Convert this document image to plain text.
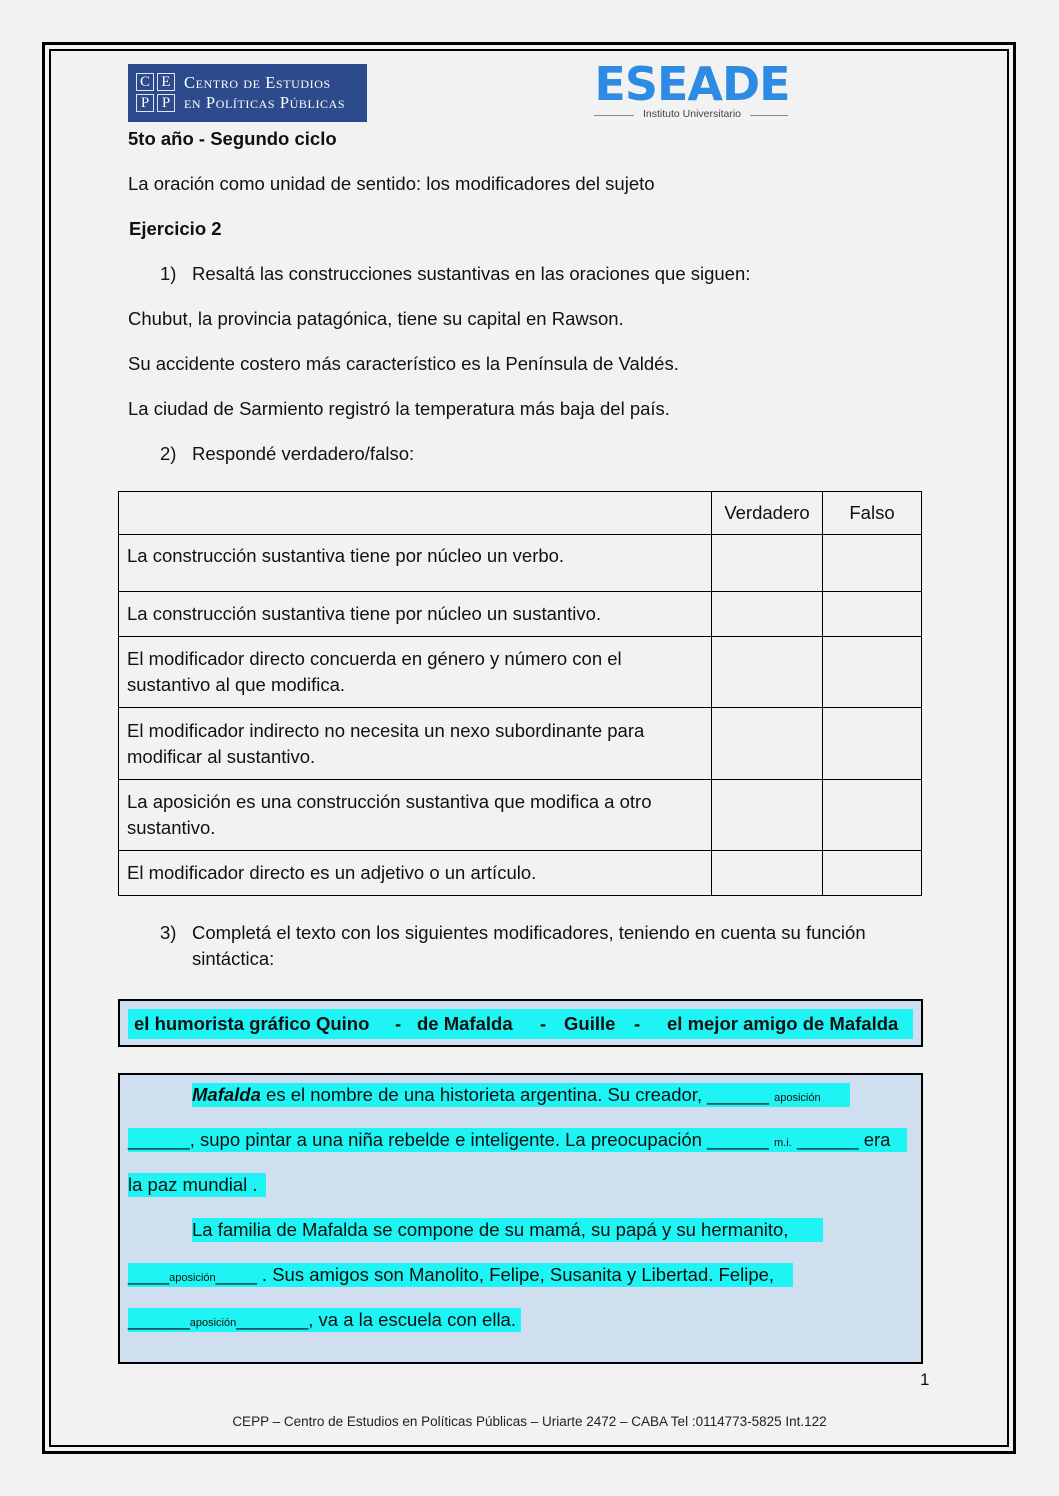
C E
P P
Centro de Estudios
en Políticas Públicas	ESEADE
Instituto Universitario
5to año - Segundo ciclo
La oración como unidad de sentido: los modificadores del sujeto
Ejercicio 2
1) Resaltá las construcciones sustantivas en las oraciones que siguen:
Chubut, la provincia patagónica, tiene su capital en Rawson.
Su accidente costero más característico es la Península de Valdés.
La ciudad de Sarmiento registró la temperatura más baja del país.
2) Respondé verdadero/falso:
	Verdadero	Falso
La construcción sustantiva tiene por núcleo un verbo.		
La construcción sustantiva tiene por núcleo un sustantivo.		
El modificador directo concuerda en género y número con el
sustantivo al que modifica.		
El modificador indirecto no necesita un nexo subordinante para
modificar al sustantivo.		
La aposición es una construcción sustantiva que modifica a otro
sustantivo.		
El modificador directo es un adjetivo o un artículo.		
3) Completá el texto con los siguientes modificadores, teniendo en cuenta su función
sintáctica:
el humorista gráfico Quino - de Mafalda - Guille - el mejor amigo de Mafalda
Mafalda es el nombre de una historieta argentina. Su creador, ______ aposición
______, supo pintar a una niña rebelde e inteligente. La preocupación ______ m.i. ______ era
la paz mundial .
La familia de Mafalda se compone de su mamá, su papá y su hermanito,
____aposición____ . Sus amigos son Manolito, Felipe, Susanita y Libertad. Felipe,
______aposición_______, va a la escuela con ella.
1
CEPP – Centro de Estudios en Políticas Públicas – Uriarte 2472 – CABA Tel :0114773-5825 Int.122
